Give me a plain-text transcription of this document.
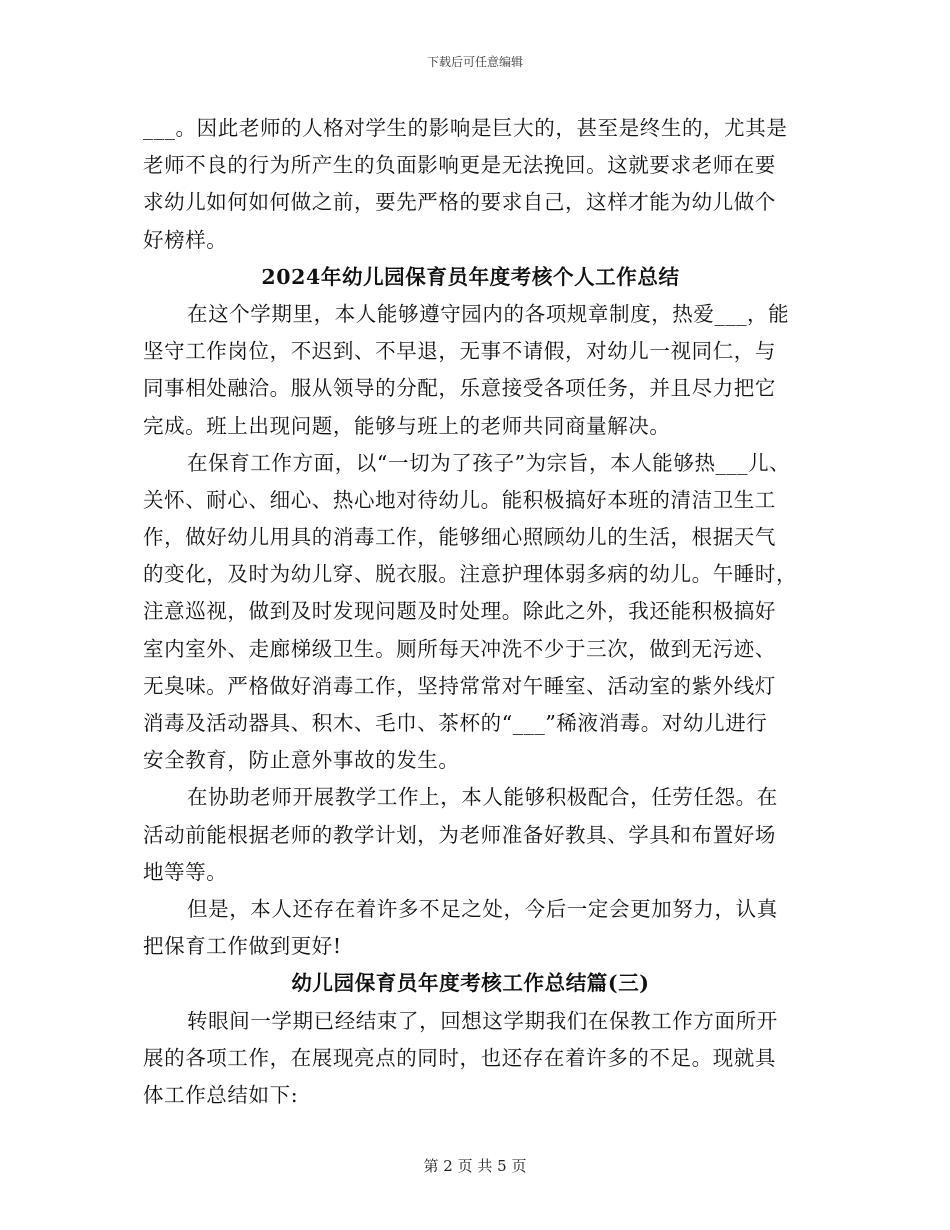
下载后可任意编辑
___。因此老师的人格对学生的影响是巨大的，甚至是终生的，尤其是
老师不良的行为所产生的负面影响更是无法挽回。这就要求老师在要
求幼儿如何如何做之前，要先严格的要求自己，这样才能为幼儿做个
好榜样。
2024年幼儿园保育员年度考核个人工作总结
在这个学期里，本人能够遵守园内的各项规章制度，热爱___，能
坚守工作岗位，不迟到、不早退，无事不请假，对幼儿一视同仁，与
同事相处融洽。服从领导的分配，乐意接受各项任务，并且尽力把它
完成。班上出现问题，能够与班上的老师共同商量解决。
在保育工作方面，以“一切为了孩子”为宗旨，本人能够热___儿、
关怀、耐心、细心、热心地对待幼儿。能积极搞好本班的清洁卫生工
作，做好幼儿用具的消毒工作，能够细心照顾幼儿的生活，根据天气
的变化，及时为幼儿穿、脱衣服。注意护理体弱多病的幼儿。午睡时，
注意巡视，做到及时发现问题及时处理。除此之外，我还能积极搞好
室内室外、走廊梯级卫生。厕所每天冲洗不少于三次，做到无污迹、
无臭味。严格做好消毒工作，坚持常常对午睡室、活动室的紫外线灯
消毒及活动器具、积木、毛巾、茶杯的“___”稀液消毒。对幼儿进行
安全教育，防止意外事故的发生。
在协助老师开展教学工作上，本人能够积极配合，任劳任怨。在
活动前能根据老师的教学计划，为老师准备好教具、学具和布置好场
地等等。
但是，本人还存在着许多不足之处，今后一定会更加努力，认真
把保育工作做到更好!
幼儿园保育员年度考核工作总结篇(三)
转眼间一学期已经结束了，回想这学期我们在保教工作方面所开
展的各项工作，在展现亮点的同时，也还存在着许多的不足。现就具
体工作总结如下:
第 2 页 共 5 页
